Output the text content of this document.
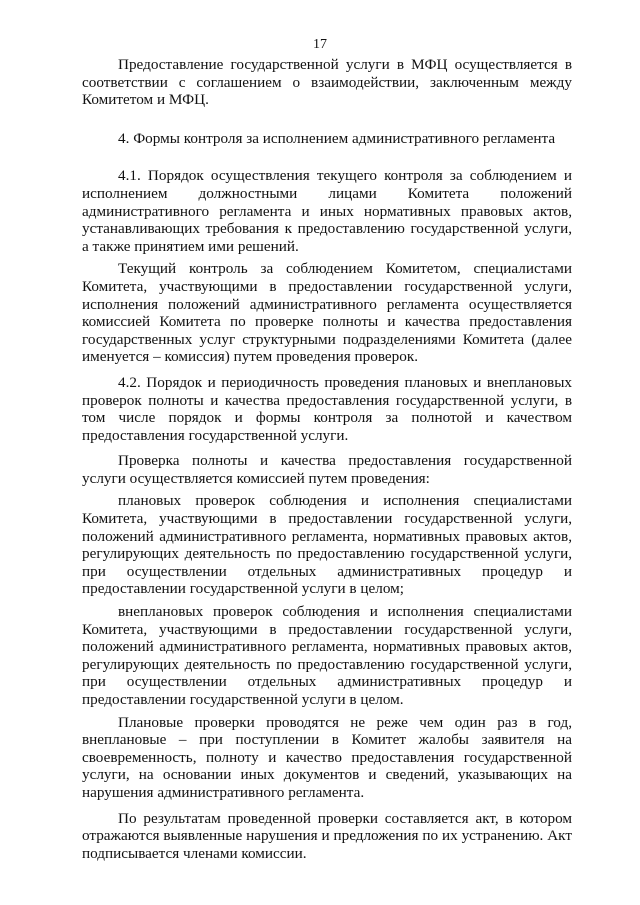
17

Предоставление государственной услуги в МФЦ осуществляется в соответствии с соглашением о взаимодействии, заключенным между Комитетом и МФЦ.

4. Формы контроля за исполнением административного регламента

4.1. Порядок осуществления текущего контроля за соблюдением и исполнением должностными лицами Комитета положений административного регламента и иных нормативных правовых актов, устанавливающих требования к предоставлению государственной услуги, а также принятием ими решений.

Текущий контроль за соблюдением Комитетом, специалистами Комитета, участвующими в предоставлении государственной услуги, исполнения положений административного регламента осуществляется комиссией Комитета по проверке полноты и качества предоставления государственных услуг структурными подразделениями Комитета (далее именуется – комиссия) путем проведения проверок.

4.2. Порядок и периодичность проведения плановых и внеплановых проверок полноты и качества предоставления государственной услуги, в том числе порядок и формы контроля за полнотой и качеством предоставления государственной услуги.

Проверка полноты и качества предоставления государственной услуги осуществляется комиссией путем проведения:

плановых проверок соблюдения и исполнения специалистами Комитета, участвующими в предоставлении государственной услуги, положений административного регламента, нормативных правовых актов, регулирующих деятельность по предоставлению государственной услуги, при осуществлении отдельных административных процедур и предоставлении государственной услуги в целом;

внеплановых проверок соблюдения и исполнения специалистами Комитета, участвующими в предоставлении государственной услуги, положений административного регламента, нормативных правовых актов, регулирующих деятельность по предоставлению государственной услуги, при осуществлении отдельных административных процедур и предоставлении государственной услуги в целом.

Плановые проверки проводятся не реже чем один раз в год, внеплановые – при поступлении в Комитет жалобы заявителя на своевременность, полноту и качество предоставления государственной услуги, на основании иных документов и сведений, указывающих на нарушения административного регламента.

По результатам проведенной проверки составляется акт, в котором отражаются выявленные нарушения и предложения по их устранению. Акт подписывается членами комиссии.
